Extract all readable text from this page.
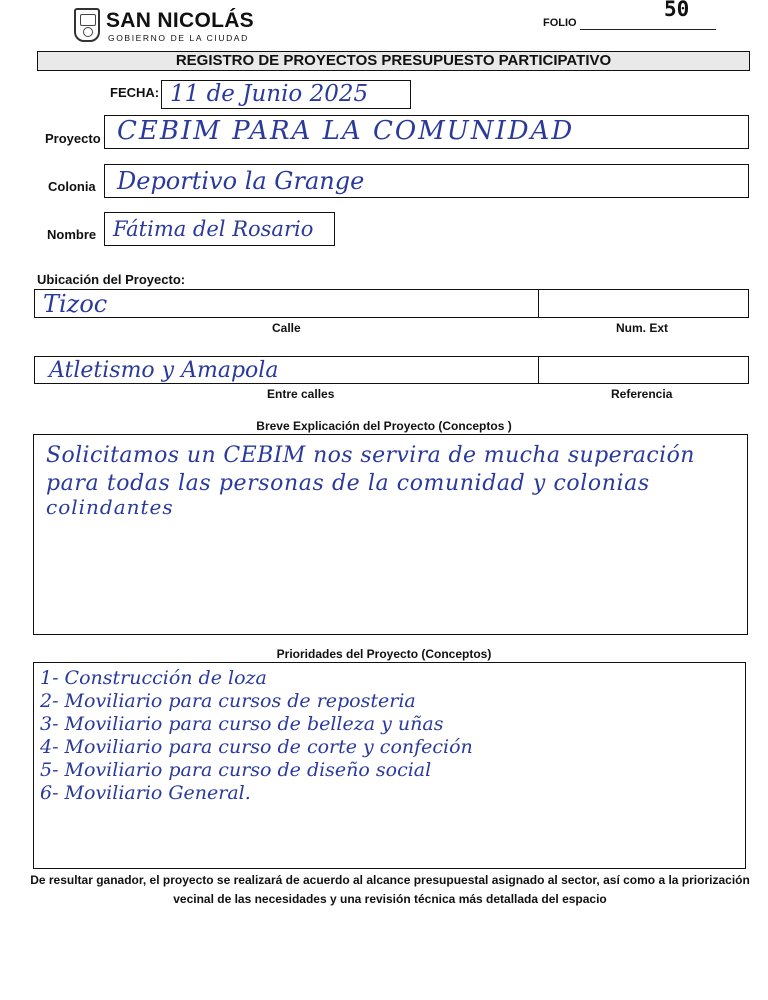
SAN NICOLÁS
GOBIERNO DE LA CIUDAD
FOLIO
50
REGISTRO DE PROYECTOS PRESUPUESTO PARTICIPATIVO
FECHA: 11 de Junio 2025
Proyecto CEBIM PARA LA COMUNIDAD
Colonia Deportivo la Grange
Nombre Fátima del Rosario
Ubicación del Proyecto:
Tizoc
Calle	Num. Ext
Atletismo y Amapola
Entre calles	Referencia
Breve Explicación del Proyecto (Conceptos )
Solicitamos un CEBIM nos servira de mucha superación
para todas las personas de la comunidad y colonias
colindantes
Prioridades del Proyecto (Conceptos)
1- Construcción de loza
2- Moviliario para cursos de reposteria
3- Moviliario para curso de belleza y uñas
4- Moviliario para curso de corte y confeción
5- Moviliario para curso de diseño social
6- Moviliario General.
De resultar ganador, el proyecto se realizará de acuerdo al alcance presupuestal asignado al sector, así como a la priorización
vecinal de las necesidades y una revisión técnica más detallada del espacio
